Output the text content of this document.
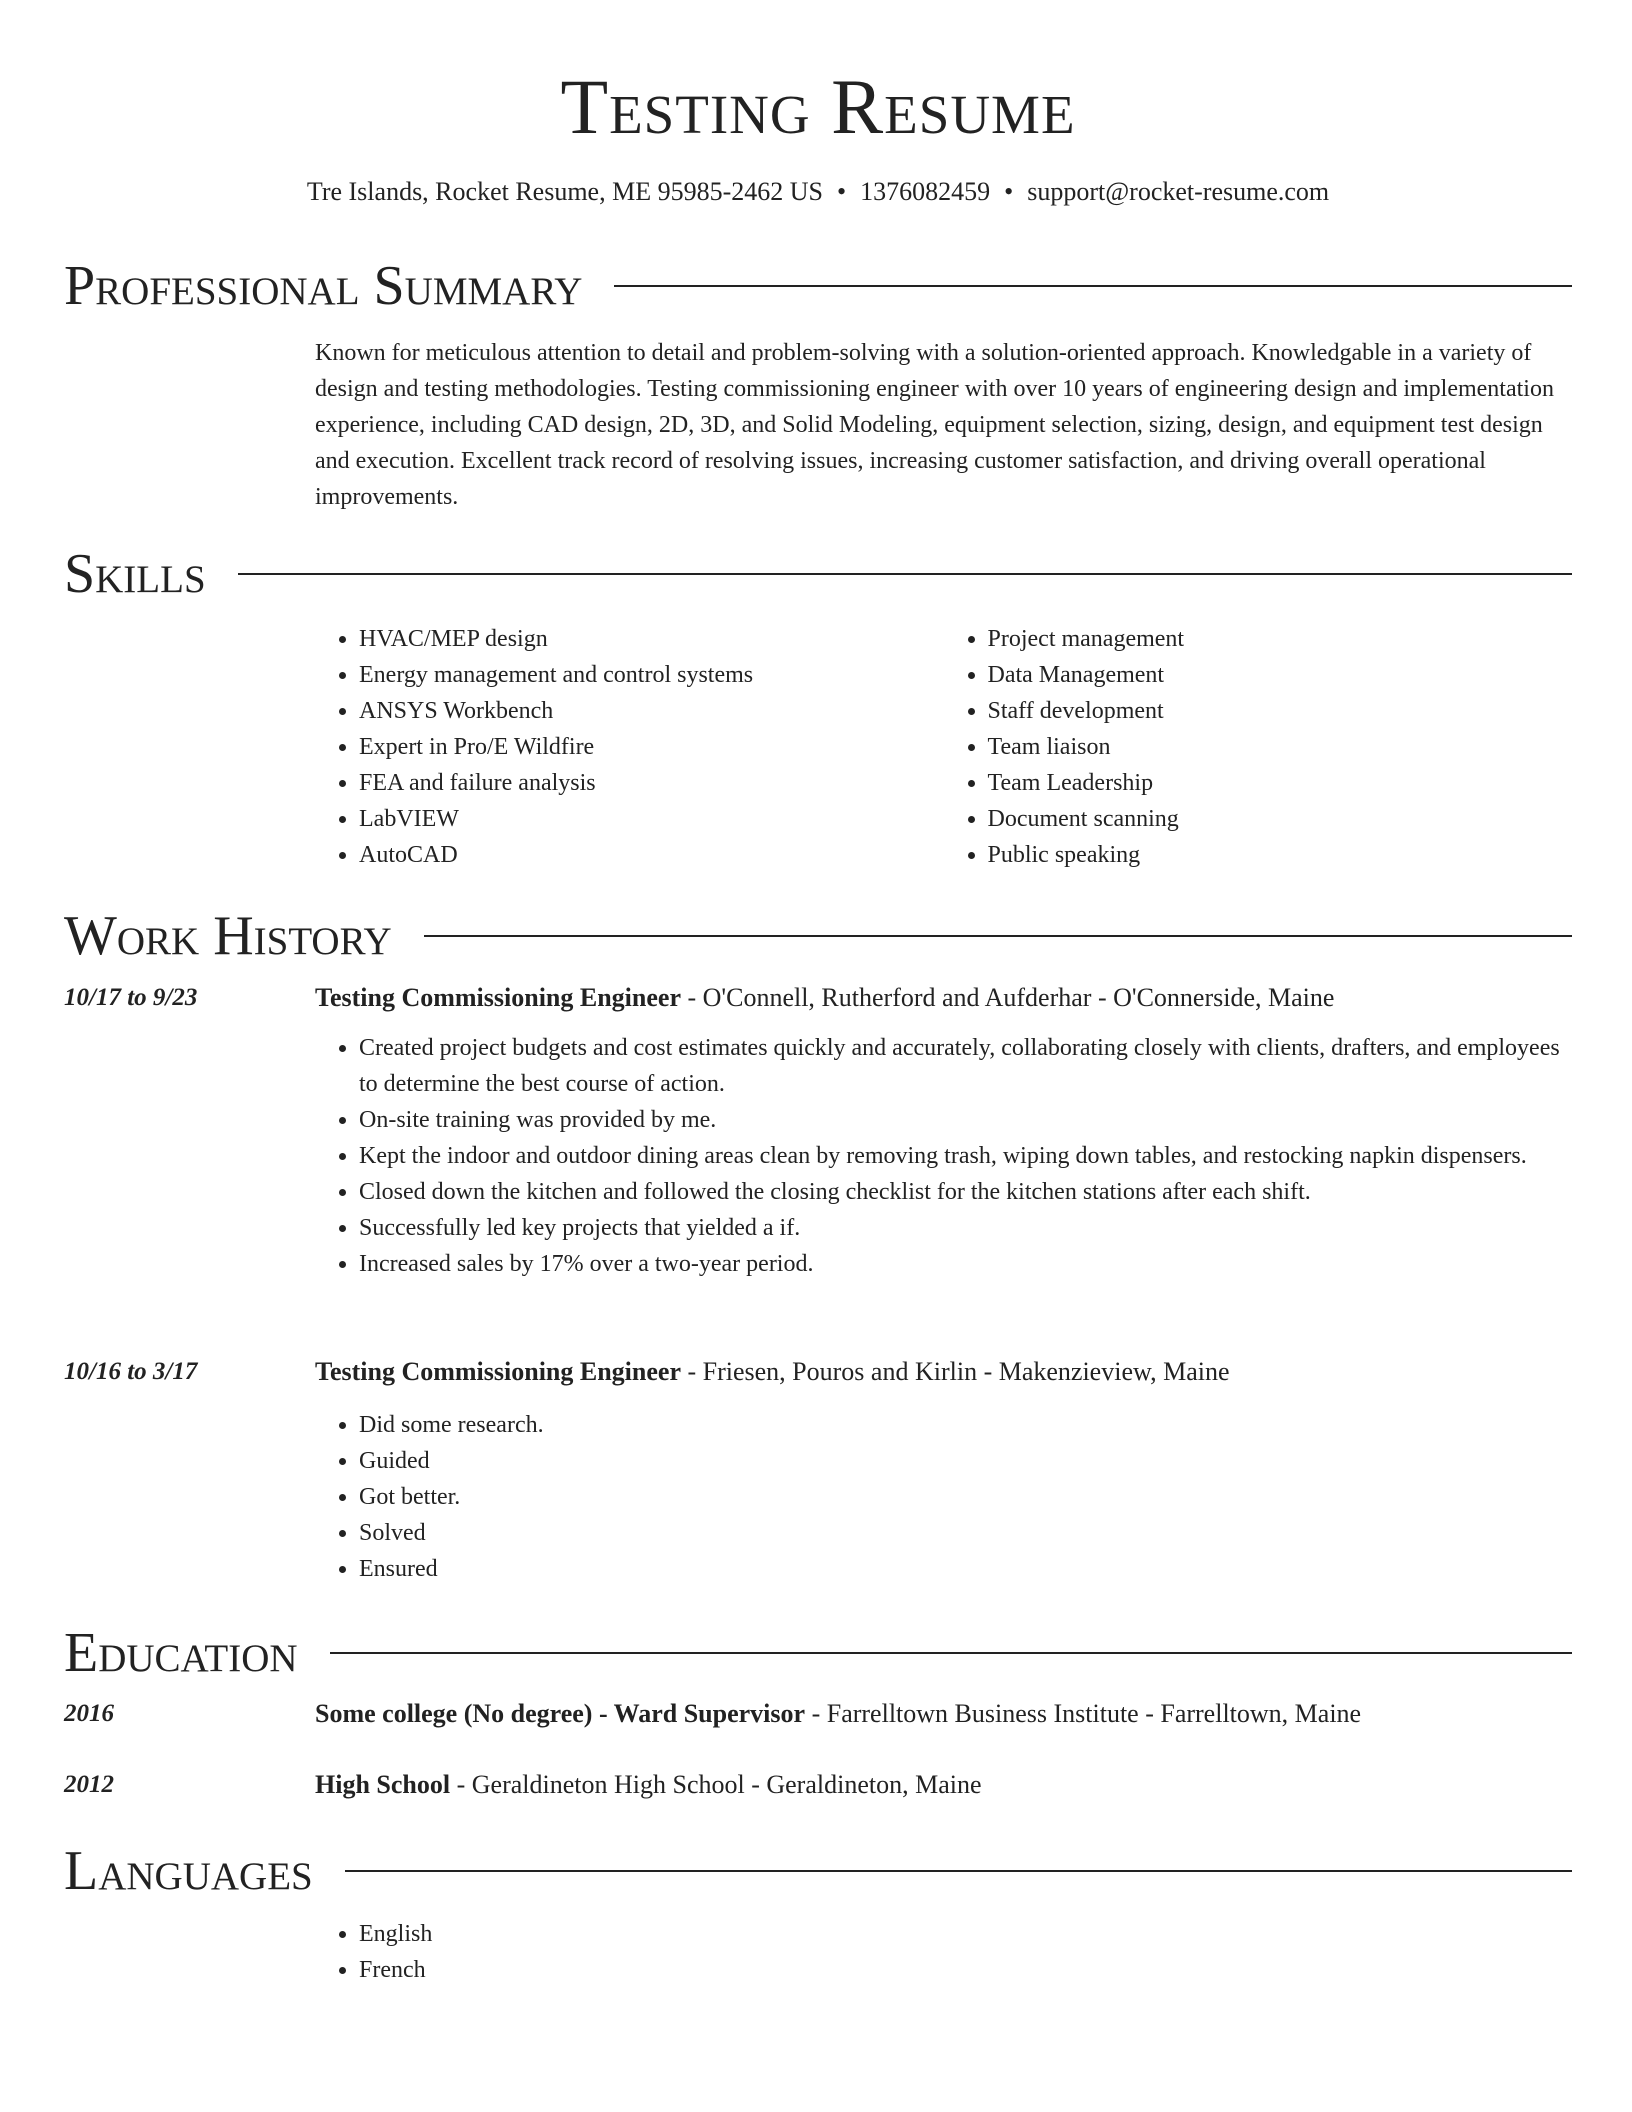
Testing Resume
Tre Islands, Rocket Resume, ME 95985-2462 US • 1376082459 • support@rocket-resume.com
Professional Summary

Known for meticulous attention to detail and problem-solving with a solution-oriented approach. Knowledgable in a variety of design and testing methodologies. Testing commissioning engineer with over 10 years of engineering design and implementation experience, including CAD design, 2D, 3D, and Solid Modeling, equipment selection, sizing, design, and equipment test design and execution. Excellent track record of resolving issues, increasing customer satisfaction, and driving overall operational improvements.

Skills
• HVAC/MEP design
• Energy management and control systems
• ANSYS Workbench
• Expert in Pro/E Wildfire
• FEA and failure analysis
• LabVIEW
• AutoCAD
• Project management
• Data Management
• Staff development
• Team liaison
• Team Leadership
• Document scanning
• Public speaking
Work History
10/17 to 9/23	Testing Commissioning Engineer - O'Connell, Rutherford and Aufderhar - O'Connerside, Maine
• Created project budgets and cost estimates quickly and accurately, collaborating closely with clients, drafters, and employees to determine the best course of action.
• On-site training was provided by me.
• Kept the indoor and outdoor dining areas clean by removing trash, wiping down tables, and restocking napkin dispensers.
• Closed down the kitchen and followed the closing checklist for the kitchen stations after each shift.
• Successfully led key projects that yielded a if.
• Increased sales by 17% over a two-year period.
10/16 to 3/17	Testing Commissioning Engineer - Friesen, Pouros and Kirlin - Makenzieview, Maine
• Did some research.
• Guided
• Got better.
• Solved
• Ensured
Education
2016	Some college (No degree) - Ward Supervisor - Farrelltown Business Institute - Farrelltown, Maine
2012	High School - Geraldineton High School - Geraldineton, Maine
Languages
• English
• French
